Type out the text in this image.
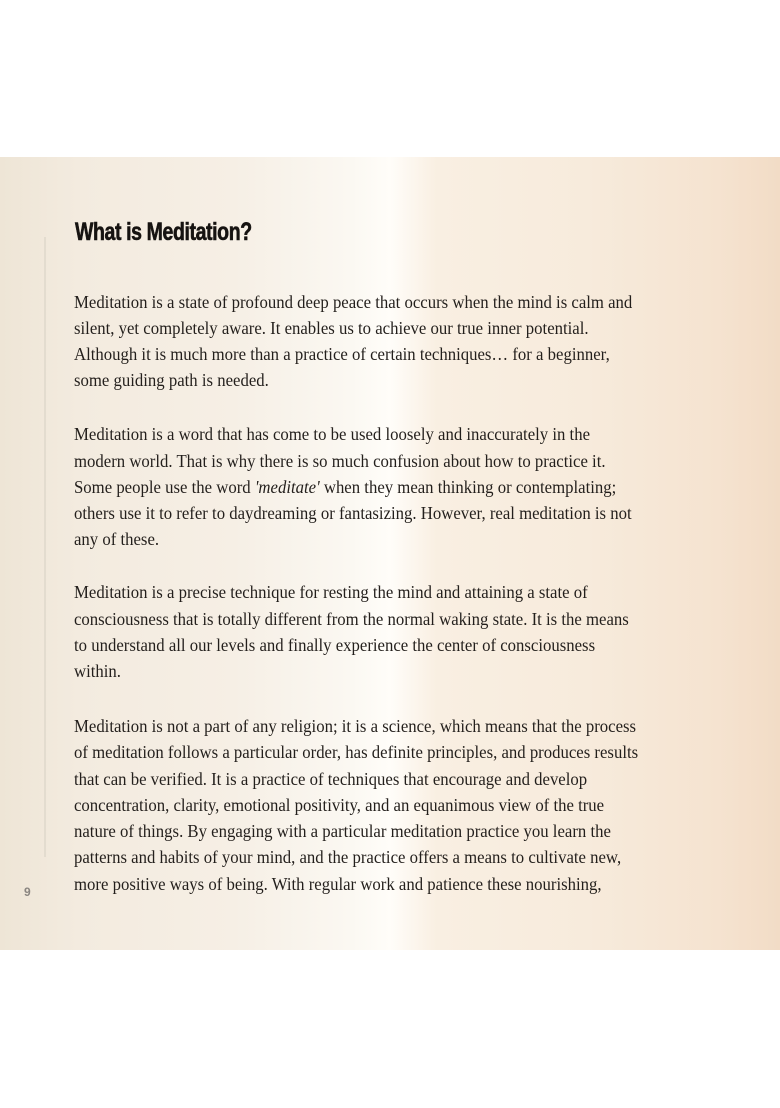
What is Meditation?
Meditation is a state of profound deep peace that occurs when the mind is calm and
silent, yet completely aware. It enables us to achieve our true inner potential.
Although it is much more than a practice of certain techniques… for a beginner,
some guiding path is needed.
Meditation is a word that has come to be used loosely and inaccurately in the
modern world. That is why there is so much confusion about how to practice it.
Some people use the word 'meditate' when they mean thinking or contemplating;
others use it to refer to daydreaming or fantasizing. However, real meditation is not
any of these.
Meditation is a precise technique for resting the mind and attaining a state of
consciousness that is totally different from the normal waking state. It is the means
to understand all our levels and finally experience the center of consciousness
within.
Meditation is not a part of any religion; it is a science, which means that the process
of meditation follows a particular order, has definite principles, and produces results
that can be verified. It is a practice of techniques that encourage and develop
concentration, clarity, emotional positivity, and an equanimous view of the true
nature of things. By engaging with a particular meditation practice you learn the
patterns and habits of your mind, and the practice offers a means to cultivate new,
more positive ways of being. With regular work and patience these nourishing,
9
